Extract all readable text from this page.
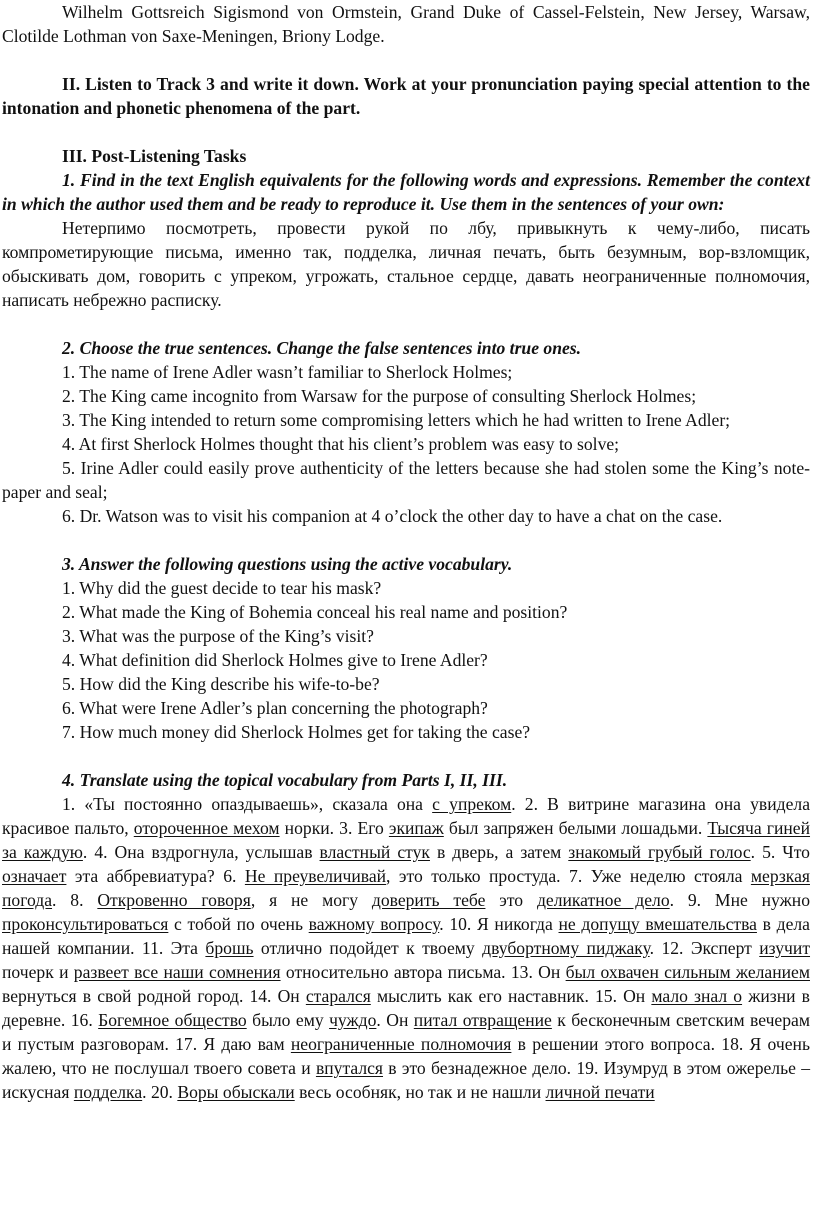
Wilhelm Gottsreich Sigismond von Ormstein, Grand Duke of Cassel-Felstein, New Jersey, Warsaw, Clotilde Lothman von Saxe-Meningen, Briony Lodge.

II. Listen to Track 3 and write it down. Work at your pronunciation paying special attention to the intonation and phonetic phenomena of the part.

III. Post-Listening Tasks

1. Find in the text English equivalents for the following words and expressions. Remember the context in which the author used them and be ready to reproduce it. Use them in the sentences of your own:

Нетерпимо посмотреть, провести рукой по лбу, привыкнуть к чему-либо, писать компрометирующие письма, именно так, подделка, личная печать, быть безумным, вор-взломщик, обыскивать дом, говорить с упреком, угрожать, стальное сердце, давать неограниченные полномочия, написать небрежно расписку.

2. Choose the true sentences. Change the false sentences into true ones.

1. The name of Irene Adler wasn’t familiar to Sherlock Holmes;

2. The King came incognito from Warsaw for the purpose of consulting Sherlock Holmes;

3. The King intended to return some compromising letters which he had written to Irene Adler;

4. At first Sherlock Holmes thought that his client’s problem was easy to solve;

5. Irine Adler could easily prove authenticity of the letters because she had stolen some the King’s note-paper and seal;

6. Dr. Watson was to visit his companion at 4 o’clock the other day to have a chat on the case.

3. Answer the following questions using the active vocabulary.

1. Why did the guest decide to tear his mask?

2. What made the King of Bohemia conceal his real name and position?

3. What was the purpose of the King’s visit?

4. What definition did Sherlock Holmes give to Irene Adler?

5. How did the King describe his wife-to-be?

6. What were Irene Adler’s plan concerning the photograph?

7. How much money did Sherlock Holmes get for taking the case?

4. Translate using the topical vocabulary from Parts I, II, III.

1. «Ты постоянно опаздываешь», сказала она с упреком. 2. В витрине магазина она увидела красивое пальто, отороченное мехом норки. 3. Его экипаж был запряжен белыми лошадьми. Тысяча гиней за каждую. 4. Она вздрогнула, услышав властный стук в дверь, а затем знакомый грубый голос. 5. Что означает эта аббревиатура? 6. Не преувеличивай, это только простуда. 7. Уже неделю стояла мерзкая погода. 8. Откровенно говоря, я не могу доверить тебе это деликатное дело. 9. Мне нужно проконсультироваться с тобой по очень важному вопросу. 10. Я никогда не допущу вмешательства в дела нашей компании. 11. Эта брошь отлично подойдет к твоему двубортному пиджаку. 12. Эксперт изучит почерк и развеет все наши сомнения относительно автора письма. 13. Он был охвачен сильным желанием вернуться в свой родной город. 14. Он старался мыслить как его наставник. 15. Он мало знал о жизни в деревне. 16. Богемное общество было ему чуждо. Он питал отвращение к бесконечным светским вечерам и пустым разговорам. 17. Я даю вам неограниченные полномочия в решении этого вопроса. 18. Я очень жалею, что не послушал твоего совета и впутался в это безнадежное дело. 19. Изумруд в этом ожерелье – искусная подделка. 20. Воры обыскали весь особняк, но так и не нашли личной печати
